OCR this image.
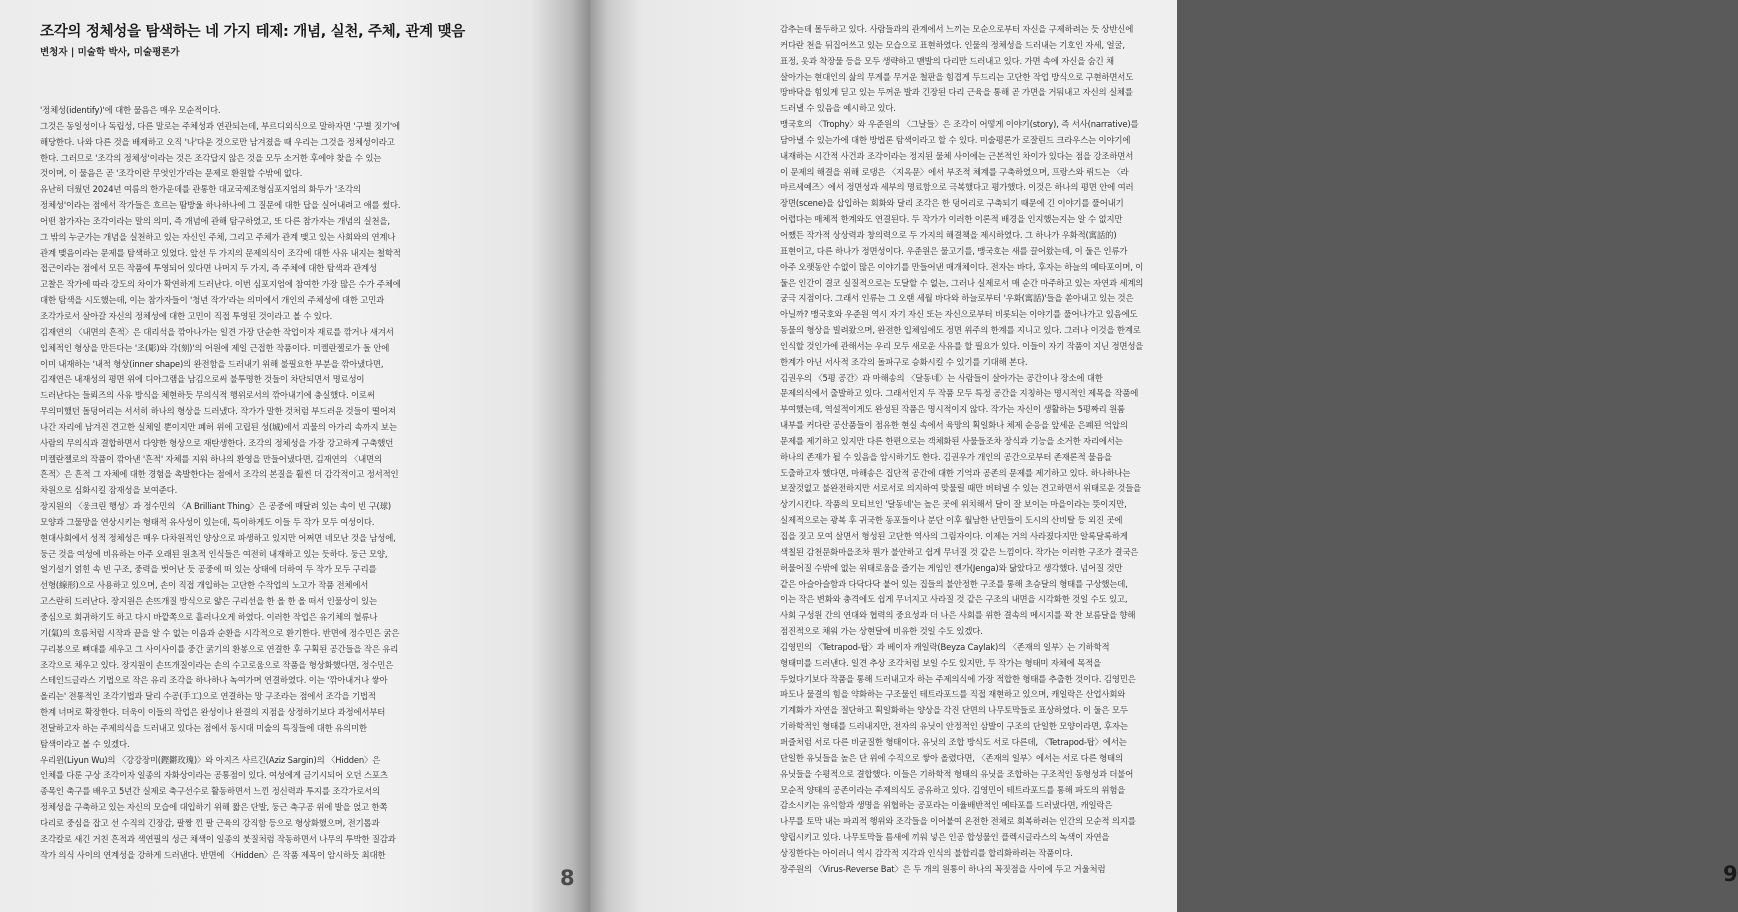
조각의 정체성을 탐색하는 네 가지 테제: 개념, 실천, 주체, 관계 맺음
변청자 | 미술학 박사, 미술평론가
'정체성(identify)'에 대한 물음은 매우 모순적이다.
그것은 동일성이나 독립성, 다른 말로는 주체성과 연관되는데, 부르디외식으로 말하자면 '구별 짓기'에
해당한다. 나와 다른 것을 배제하고 오직 '나'다운 것으로만 남겨졌을 때 우리는 그것을 정체성이라고
한다. 그러므로 '조각의 정체성'이라는 것은 조각답지 않은 것을 모두 소거한 후에야 찾을 수 있는
것이며, 이 물음은 곧 '조각이란 무엇인가'라는 문제로 환원할 수밖에 없다.
유난히 더웠던 2024년 여름의 한가운데를 관통한 대교국제조형심포지엄의 화두가 '조각의
정체성'이라는 점에서 작가들은 흐르는 땀방울 하나하나에 그 질문에 대한 답을 실어내려고 애를 썼다.
어떤 참가자는 조각이라는 말의 의미, 즉 개념에 관해 탐구하였고, 또 다른 참가자는 개념의 실천을,
그 밖의 누군가는 개념을 실천하고 있는 자신인 주체, 그리고 주체가 관계 맺고 있는 사회와의 연계나
관계 맺음이라는 문제를 탐색하고 있었다. 앞선 두 가지의 문제의식이 조각에 대한 사유 내지는 철학적
접근이라는 점에서 모든 작품에 투영되어 있다면 나머지 두 가지, 즉 주체에 대한 탐색과 관계성
고찰은 작가에 따라 강도의 차이가 확연하게 드러난다. 이번 심포지엄에 참여한 가장 많은 수가 주체에
대한 탐색을 시도했는데, 이는 참가자들이 '청년 작가'라는 의미에서 개인의 주체성에 대한 고민과
조각가로서 살아갈 자신의 정체성에 대한 고민이 직접 투영된 것이라고 볼 수 있다.
김재연의 〈내면의 흔적〉은 대리석을 깎아나가는 일견 가장 단순한 작업이자 재료를 깎거나 새겨서
입체적인 형상을 만든다는 '조(彫)와 각(刻)'의 어원에 제일 근접한 작품이다. 미켈란젤로가 돌 안에
이미 내재하는 '내적 형상(inner shape)의 완전함을 드러내기 위해 불필요한 부분을 깎아냈다면,
김재연은 내재성의 평면 위에 디아그램을 남김으로써 불투명한 것들이 차단되면서 명료성이
드러난다는 들뢰즈의 사유 방식을 체현하듯 무의식적 행위로서의 깎아내기에 충실했다. 이로써
무의미했던 돌덩어리는 서서히 하나의 형상을 드러냈다. 작가가 말한 것처럼 부드러운 것들이 떨어져
나간 자리에 남겨진 견고한 실체일 뿐이지만 폐허 위에 고립된 성(城)에서 괴물의 아가리 속까지 보는
사람의 무의식과 결합하면서 다양한 형상으로 재탄생한다. 조각의 정체성을 가장 강고하게 구축했던
미켈란젤로의 작품이 깎아낸 '흔적' 자체를 지워 하나의 환영을 만들어냈다면, 김재연의 〈내면의
흔적〉은 흔적 그 자체에 대한 경험을 촉발한다는 점에서 조각의 본질을 훨씬 더 감각적이고 정서적인
차원으로 심화시킬 잠재성을 보여준다.
장지원의 〈웅크린 행성〉과 정수민의 〈A Brilliant Thing〉은 공중에 매달려 있는 속이 빈 구(球)
모양과 그물망을 연상시키는 형태적 유사성이 있는데, 특이하게도 이들 두 작가 모두 여성이다.
현대사회에서 성적 정체성은 매우 다차원적인 양상으로 파생하고 있지만 어쩌면 네모난 것을 남성에,
둥근 것을 여성에 비유하는 아주 오래된 원초적 인식들은 여전히 내재하고 있는 듯하다. 둥근 모양,
얼기설기 얽힌 속 빈 구조, 중력을 벗어난 듯 공중에 떠 있는 상태에 더하여 두 작가 모두 구리를
선형(線形)으로 사용하고 있으며, 손이 직접 개입하는 고단한 수작업의 노고가 작품 전체에서
고스란히 드러난다. 장지원은 손뜨개질 방식으로 얇은 구리선을 한 올 한 올 떠서 인물상이 있는
중심으로 회귀하기도 하고 다시 바깥쪽으로 흩러나오게 하였다. 이러한 작업은 유기체의 혈류나
기(氣)의 흐름처럼 시작과 끝을 알 수 없는 이음과 순환을 시각적으로 환기한다. 반면에 정수민은 굵은
구리봉으로 뼈대를 세우고 그 사이사이를 중간 굵기의 환봉으로 연결한 후 구획된 공간들을 작은 유리
조각으로 채우고 있다. 장지원이 손뜨개질이라는 손의 수고로움으로 작품을 형상화했다면, 정수민은
스테인드글라스 기법으로 작은 유리 조각을 하나하나 녹여가며 연결하였다. 이는 '깎아내거나 쌓아
올리는' 전통적인 조각기법과 달리 수공(手工)으로 연결하는 망 구조라는 점에서 조각을 기법적
한계 너머로 확장한다. 더욱이 이들의 작업은 완성이나 완결의 지점을 상정하기보다 과정에서부터
전달하고자 하는 주제의식을 드러내고 있다는 점에서 동시대 미술의 특징들에 대한 유의미한
탐색이라고 볼 수 있겠다.
우리윈(Liyun Wu)의 〈강강장미(鏗鏘玫瑰)〉와 아지즈 사르긴(Aziz Sargin)의 〈Hidden〉은
인체를 다룬 구상 조각이자 일종의 자화상이라는 공통점이 있다. 여성에게 금기시되어 오던 스포츠
종목인 축구를 배우고 5년간 실제로 축구선수로 활동하면서 느낀 정신력과 투지를 조각가로서의
정체성을 구축하고 있는 자신의 모습에 대입하기 위해 짧은 단발, 둥근 축구공 위에 발을 얹고 한쪽
다리로 중심을 잡고 선 수직의 긴장감, 팔짱 낀 팔 근육의 강직함 등으로 형상화했으며, 전기톱과
조각칼로 새긴 거친 흔적과 색연필의 성근 채색이 일종의 붓질처럼 작동하면서 나무의 투박한 질감과
작가 의식 사이의 연계성을 강하게 드러낸다. 반면에 〈Hidden〉은 작품 제목이 암시하듯 최대한
8
감추는데 몰두하고 있다. 사람들과의 관계에서 느끼는 모순으로부터 자신을 구제하려는 듯 상반신에
커다란 천을 뒤집어쓰고 있는 모습으로 표현하였다. 인물의 정체성을 드러내는 기호인 자세, 얼굴,
표정, 옷과 착장물 등을 모두 생략하고 맨발의 다리만 드러내고 있다. 가면 속에 자신을 숨긴 채
살아가는 현대인의 삶의 무게를 무거운 철판을 힘겹게 두드리는 고단한 작업 방식으로 구현하면서도
땅바닥을 힘있게 딛고 있는 두꺼운 발과 긴장된 다리 근육을 통해 곧 가면을 거둬내고 자신의 실체를
드러낼 수 있음을 예시하고 있다.
맹국호의 〈Trophy〉와 우준원의 〈그날들〉은 조각이 어떻게 이야기(story), 즉 서사(narrative)를
담아낼 수 있는가에 대한 방법론 탐색이라고 할 수 있다. 미술평론가 로잘린드 크라우스는 이야기에
내재하는 시간적 사건과 조각이라는 정지된 물체 사이에는 근본적인 차이가 있다는 점을 강조하면서
이 문제의 해결을 위해 로댕은 〈지옥문〉에서 부조적 체계를 구축하였으며, 프랑스와 뤼드는 〈라
마르세예즈〉에서 정면성과 세부의 명료함으로 극복했다고 평가했다. 이것은 하나의 평면 안에 여러
장면(scene)을 삽입하는 회화와 달리 조각은 한 덩어리로 구축되기 때문에 긴 이야기를 풀어내기
어렵다는 매체적 한계와도 연결된다. 두 작가가 이러한 이론적 배경을 인지했는지는 알 수 없지만
어쨌든 작가적 상상력과 창의력으로 두 가지의 해결책을 제시하였다. 그 하나가 우화적(寓話的)
표현이고, 다른 하나가 정면성이다. 우준원은 물고기를, 맹국호는 새를 끌어왔는데, 이 둘은 인류가
아주 오랫동안 수없이 많은 이야기를 만들어낸 매개체이다. 전자는 바다, 후자는 하늘의 메타포이며, 이
둘은 인간이 결코 실질적으로는 도달할 수 없는, 그러나 실제로서 매 순간 마주하고 있는 자연과 세계의
궁극 지점이다. 그래서 인류는 그 오랜 세월 바다와 하늘로부터 '우화(寓話)'들을 쏟아내고 있는 것은
아닐까? 맹국호와 우준원 역시 자기 자신 또는 자신으로부터 비롯되는 이야기를 풀어나가고 있음에도
동물의 형상을 빌려왔으며, 완전한 입체임에도 정면 위주의 한계를 지니고 있다. 그러나 이것을 한계로
인식할 것인가에 관해서는 우리 모두 새로운 사유를 할 필요가 있다. 이들이 자기 작품이 지닌 정면성을
한계가 아닌 서사적 조각의 돌파구로 승화시킬 수 있기를 기대해 본다.
김권우의 〈5평 공간〉과 마해송의 〈달동네〉는 사람들이 살아가는 공간이나 장소에 대한
문제의식에서 출발하고 있다. 그래서인지 두 작품 모두 특정 공간을 지칭하는 명시적인 제목을 작품에
부여했는데, 역설적이게도 완성된 작품은 명시적이지 않다. 작가는 자신이 생활하는 5평짜리 원룸
내부를 커다란 공산품들이 점유한 현실 속에서 육망의 획일화나 체제 순응을 앞세운 은폐된 억압의
문제를 제기하고 있지만 다른 한편으로는 객체화된 사물들조차 장식과 기능을 소거한 자리에서는
하나의 존재가 될 수 있음을 암시하기도 한다. 김권우가 개인의 공간으로부터 존재론적 물음을
도출하고자 했다면, 마해송은 집단적 공간에 대한 기억과 공존의 문제를 제기하고 있다. 하나하나는
보잘것없고 불완전하지만 서로서로 의지하여 맞물릴 때만 버텨낼 수 있는 견고하면서 위태로운 것들을
상기시킨다. 작품의 모티브인 '달동네'는 높은 곳에 위치해서 달이 잘 보이는 마을이라는 뜻이지만,
실제적으로는 광복 후 귀국한 동포들이나 분단 이후 월남한 난민들이 도시의 산비탈 등 외진 곳에
집을 짓고 모여 살면서 형성된 고단한 역사의 그림자이다. 이제는 거의 사라졌다지만 알록달록하게
색칠된 감천문화마을조차 뭔가 불안하고 쉽게 무너질 것 같은 느낌이다. 작가는 이러한 구조가 결국은
허물어질 수밖에 없는 위태로움을 즐기는 게임인 젠가(Jenga)와 닮았다고 생각했다. 넘어질 것만
같은 아슬아슬함과 다닥다닥 붙어 있는 집들의 불안정한 구조를 통해 초승달의 형태를 구상했는데,
이는 작은 변화와 충격에도 쉽게 무너지고 사라질 것 같은 구조의 내면을 시각화한 것일 수도 있고,
사회 구성원 간의 연대와 협력의 중요성과 더 나은 사회를 위한 결속의 메시지를 꽉 찬 보름달을 향해
점진적으로 채워 가는 상현달에 비유한 것일 수도 있겠다.
김영민의 〈Tetrapod-탑〉과 베이자 캐일락(Beyza Caylak)의 〈존재의 일부〉는 기하학적
형태미를 드러낸다. 일견 추상 조각처럼 보일 수도 있지만, 두 작가는 형태미 자체에 목적을
두었다기보다 작품을 통해 드러내고자 하는 주제의식에 가장 적합한 형태를 추출한 것이다. 김영민은
파도나 물결의 힘을 약화하는 구조물인 테트라포드를 직접 재현하고 있으며, 캐일락은 산업사회와
기계화가 자연을 절단하고 획일화하는 양상을 각진 단면의 나무토막들로 표상하였다. 이 둘은 모두
기하학적인 형태를 드러내지만, 전자의 유닛이 안정적인 삼발이 구조의 단일한 모양이라면, 후자는
퍼즐처럼 서로 다른 비균질한 형태이다. 유닛의 조합 방식도 서로 다른데, 〈Tetrapod-탑〉에서는
단일한 유닛들을 높은 단 위에 수직으로 쌓아 올렸다면, 〈존재의 일부〉에서는 서로 다른 형태의
유닛들을 수평적으로 결합했다. 이들은 기하학적 형태의 유닛을 조합하는 구조적인 동형성과 더불어
모순적 양태의 공존이라는 주제의식도 공유하고 있다. 김영민이 테트라포드를 통해 파도의 위험을
감소시키는 유익함과 생명을 위협하는 공포라는 이율배반적인 메타포를 드러냈다면, 캐일락은
나무를 토막 내는 파괴적 행위와 조각들을 이어붙여 온전한 전체로 회복하려는 인간의 모순적 의지를
양립시키고 있다. 나무토막들 틈새에 끼워 넣은 인공 합성물인 플렉시글라스의 녹색이 자연을
상징한다는 아이러니 역시 감각적 지각과 인식의 불합리를 합리화하려는 작품이다.
장주원의 〈Virus-Reverse Bat〉은 두 개의 원통이 하나의 꼭짓점을 사이에 두고 거울처럼	9
